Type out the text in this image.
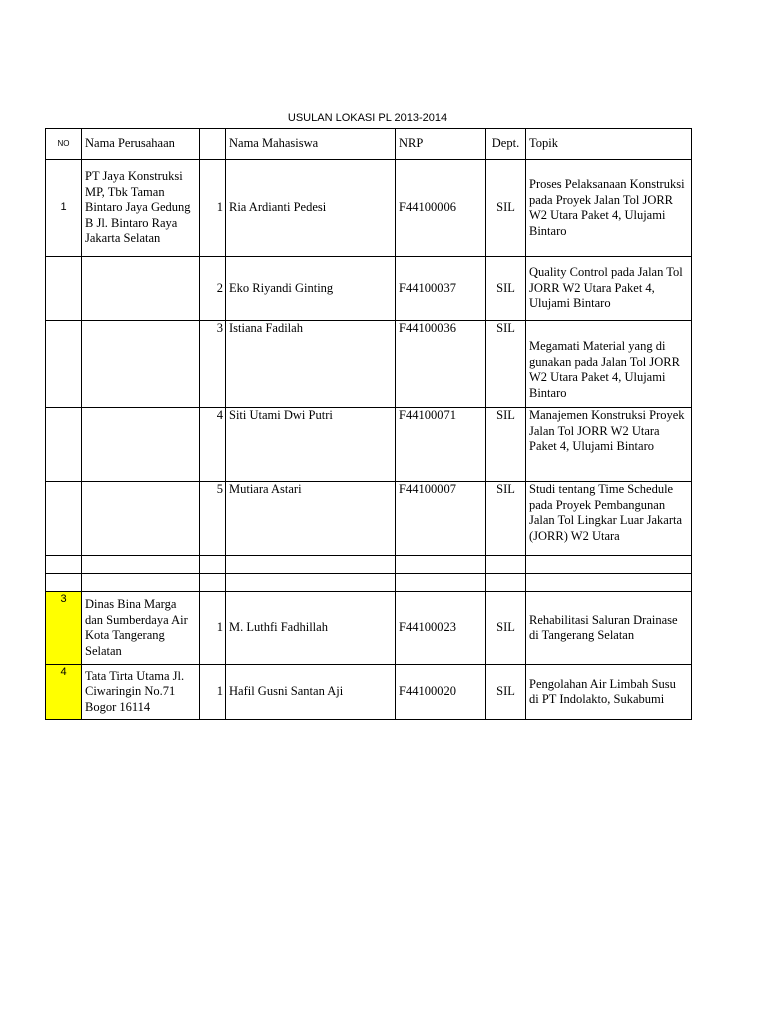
USULAN LOKASI PL 2013-2014
NO	Nama Perusahaan		Nama Mahasiswa	NRP	Dept.	Topik
1	PT Jaya Konstruksi MP, Tbk Taman Bintaro Jaya Gedung B Jl. Bintaro Raya Jakarta Selatan	1	Ria Ardianti Pedesi	F44100006	SIL	Proses Pelaksanaan Konstruksi pada Proyek Jalan Tol JORR W2 Utara Paket 4, Ulujami Bintaro
		2	Eko Riyandi Ginting	F44100037	SIL	Quality Control pada Jalan Tol JORR W2 Utara Paket 4, Ulujami Bintaro
		3	Istiana Fadilah	F44100036	SIL	Megamati Material yang di gunakan pada Jalan Tol JORR W2 Utara Paket 4, Ulujami Bintaro
		4	Siti Utami Dwi Putri	F44100071	SIL	Manajemen Konstruksi Proyek Jalan Tol JORR W2 Utara Paket 4, Ulujami Bintaro
		5	Mutiara Astari	F44100007	SIL	Studi tentang Time Schedule pada Proyek Pembangunan Jalan Tol Lingkar Luar Jakarta (JORR) W2 Utara

3	Dinas Bina Marga dan Sumberdaya Air Kota Tangerang Selatan	1	M. Luthfi Fadhillah	F44100023	SIL	Rehabilitasi Saluran Drainase di Tangerang Selatan
4	Tata Tirta Utama Jl. Ciwaringin No.71 Bogor 16114	1	Hafil Gusni Santan Aji	F44100020	SIL	Pengolahan Air Limbah Susu di PT Indolakto, Sukabumi
